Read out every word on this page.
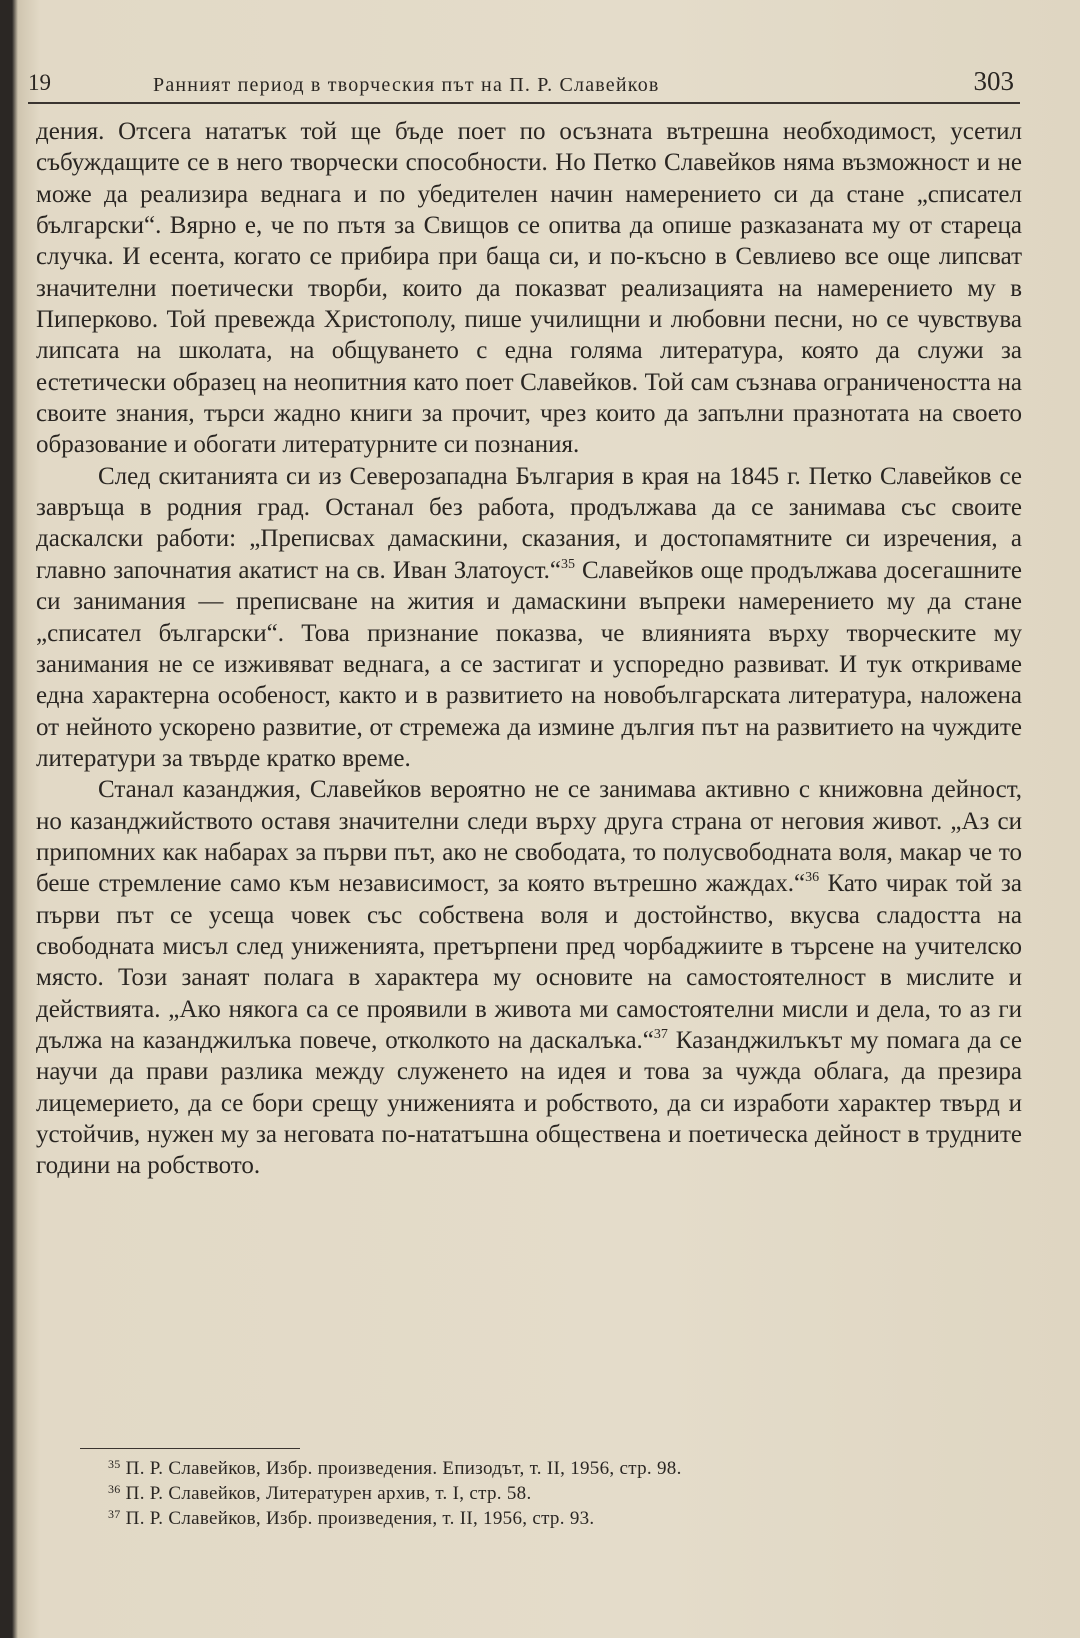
19	Ранният период в творческия път на П. Р. Славейков	303

дения. Отсега нататък той ще бъде поет по осъзната вътрешна необходимост, усетил събуждащите се в него творчески способности. Но Петко Славейков няма възможност и не може да реализира веднага и по убедителен начин намерението си да стане „списател български“. Вярно е, че по пътя за Свищов се опитва да опише разказаната му от стареца случка. И есента, когато се прибира при баща си, и по-късно в Севлиево все още липсват значителни поетически творби, които да показват реализацията на намерението му в Пиперково. Той превежда Христополу, пише училищни и любовни песни, но се чувствува липсата на школата, на общуването с една голяма литература, която да служи за естетически образец на неопитния като поет Славейков. Той сам съзнава ограничеността на своите знания, търси жадно книги за прочит, чрез които да запълни празнотата на своето образование и обогати литературните си познания.

След скитанията си из Северозападна България в края на 1845 г. Петко Славейков се завръща в родния град. Останал без работа, продължава да се занимава със своите даскалски работи: „Преписвах дамаскини, сказания, и достопамятните си изречения, а главно започнатия акатист на св. Иван Златоуст.“$^{35}$ Славейков още продължава досегашните си занимания — преписване на жития и дамаскини въпреки намерението му да стане „списател български“. Това признание показва, че влиянията върху творческите му занимания не се изживяват веднага, а се застигат и успоредно развиват. И тук откриваме една характерна особеност, както и в развитието на новобългарската литература, наложена от нейното ускорено развитие, от стремежа да измине дългия път на развитието на чуждите литератури за твърде кратко време.

Станал казанджия, Славейков вероятно не се занимава активно с книжовна дейност, но казанджийството оставя значителни следи върху друга страна от неговия живот. „Аз си припомних как набарах за първи път, ако не свободата, то полусвободната воля, макар че то беше стремление само към независимост, за която вътрешно жаждах.“$^{36}$ Като чирак той за първи път се усеща човек със собствена воля и достойнство, вкусва сладостта на свободната мисъл след униженията, претърпени пред чорбаджиите в търсене на учителско място. Този занаят полага в характера му основите на самостоятелност в мислите и действията. „Ако някога са се проявили в живота ми самостоятелни мисли и дела, то аз ги дължа на казанджилъка повече, отколкото на даскалъка.“$^{37}$ Казанджилъкът му помага да се научи да прави разлика между служенето на идея и това за чужда облага, да презира лицемерието, да се бори срещу униженията и робството, да си изработи характер твърд и устойчив, нужен му за неговата по-нататъшна обществена и поетическа дейност в трудните години на робството.

$^{35}$ П. Р. Славейков, Избр. произведения. Епизодът, т. II, 1956, стр. 98.

$^{36}$ П. Р. Славейков, Литературен архив, т. I, стр. 58.

$^{37}$ П. Р. Славейков, Избр. произведения, т. II, 1956, стр. 93.
